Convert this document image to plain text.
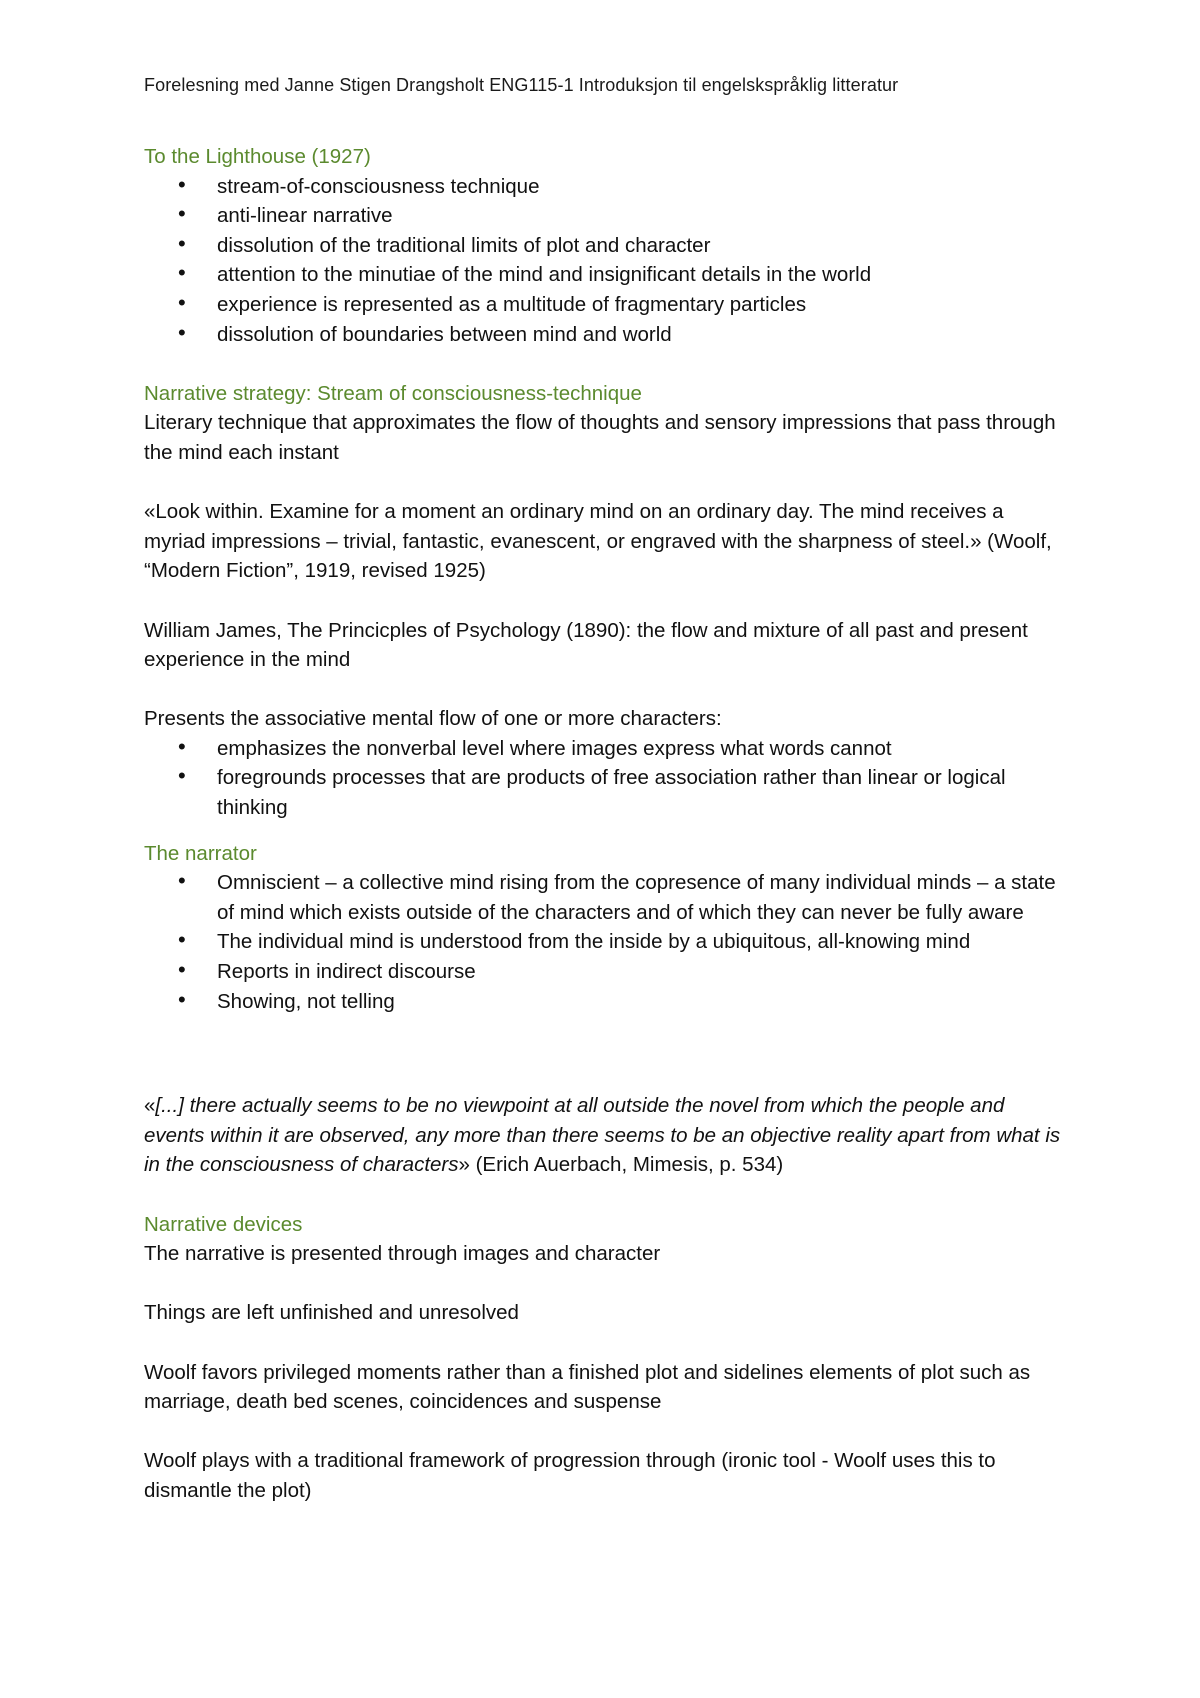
Forelesning med Janne Stigen Drangsholt ENG115-1 Introduksjon til engelskspråklig litteratur
To the Lighthouse (1927)
• stream-of-consciousness technique
• anti-linear narrative
• dissolution of the traditional limits of plot and character
• attention to the minutiae of the mind and insignificant details in the world
• experience is represented as a multitude of fragmentary particles
• dissolution of boundaries between mind and world
Narrative strategy: Stream of consciousness-technique

Literary technique that approximates the flow of thoughts and sensory impressions that pass through the mind each instant

«Look within. Examine for a moment an ordinary mind on an ordinary day. The mind receives a myriad impressions – trivial, fantastic, evanescent, or engraved with the sharpness of steel.» (Woolf, “Modern Fiction”, 1919, revised 1925)

William James, The Princicples of Psychology (1890): the flow and mixture of all past and present experience in the mind

Presents the associative mental flow of one or more characters:

• emphasizes the nonverbal level where images express what words cannot
• foregrounds processes that are products of free association rather than linear or logical thinking
The narrator
• Omniscient – a collective mind rising from the copresence of many individual minds – a state of mind which exists outside of the characters and of which they can never be fully aware
• The individual mind is understood from the inside by a ubiquitous, all-knowing mind
• Reports in indirect discourse
• Showing, not telling

«[...] there actually seems to be no viewpoint at all outside the novel from which the people and events within it are observed, any more than there seems to be an objective reality apart from what is in the consciousness of characters» (Erich Auerbach, Mimesis, p. 534)

Narrative devices

The narrative is presented through images and character

Things are left unfinished and unresolved

Woolf favors privileged moments rather than a finished plot and sidelines elements of plot such as marriage, death bed scenes, coincidences and suspense

Woolf plays with a traditional framework of progression through (ironic tool - Woolf uses this to dismantle the plot)
